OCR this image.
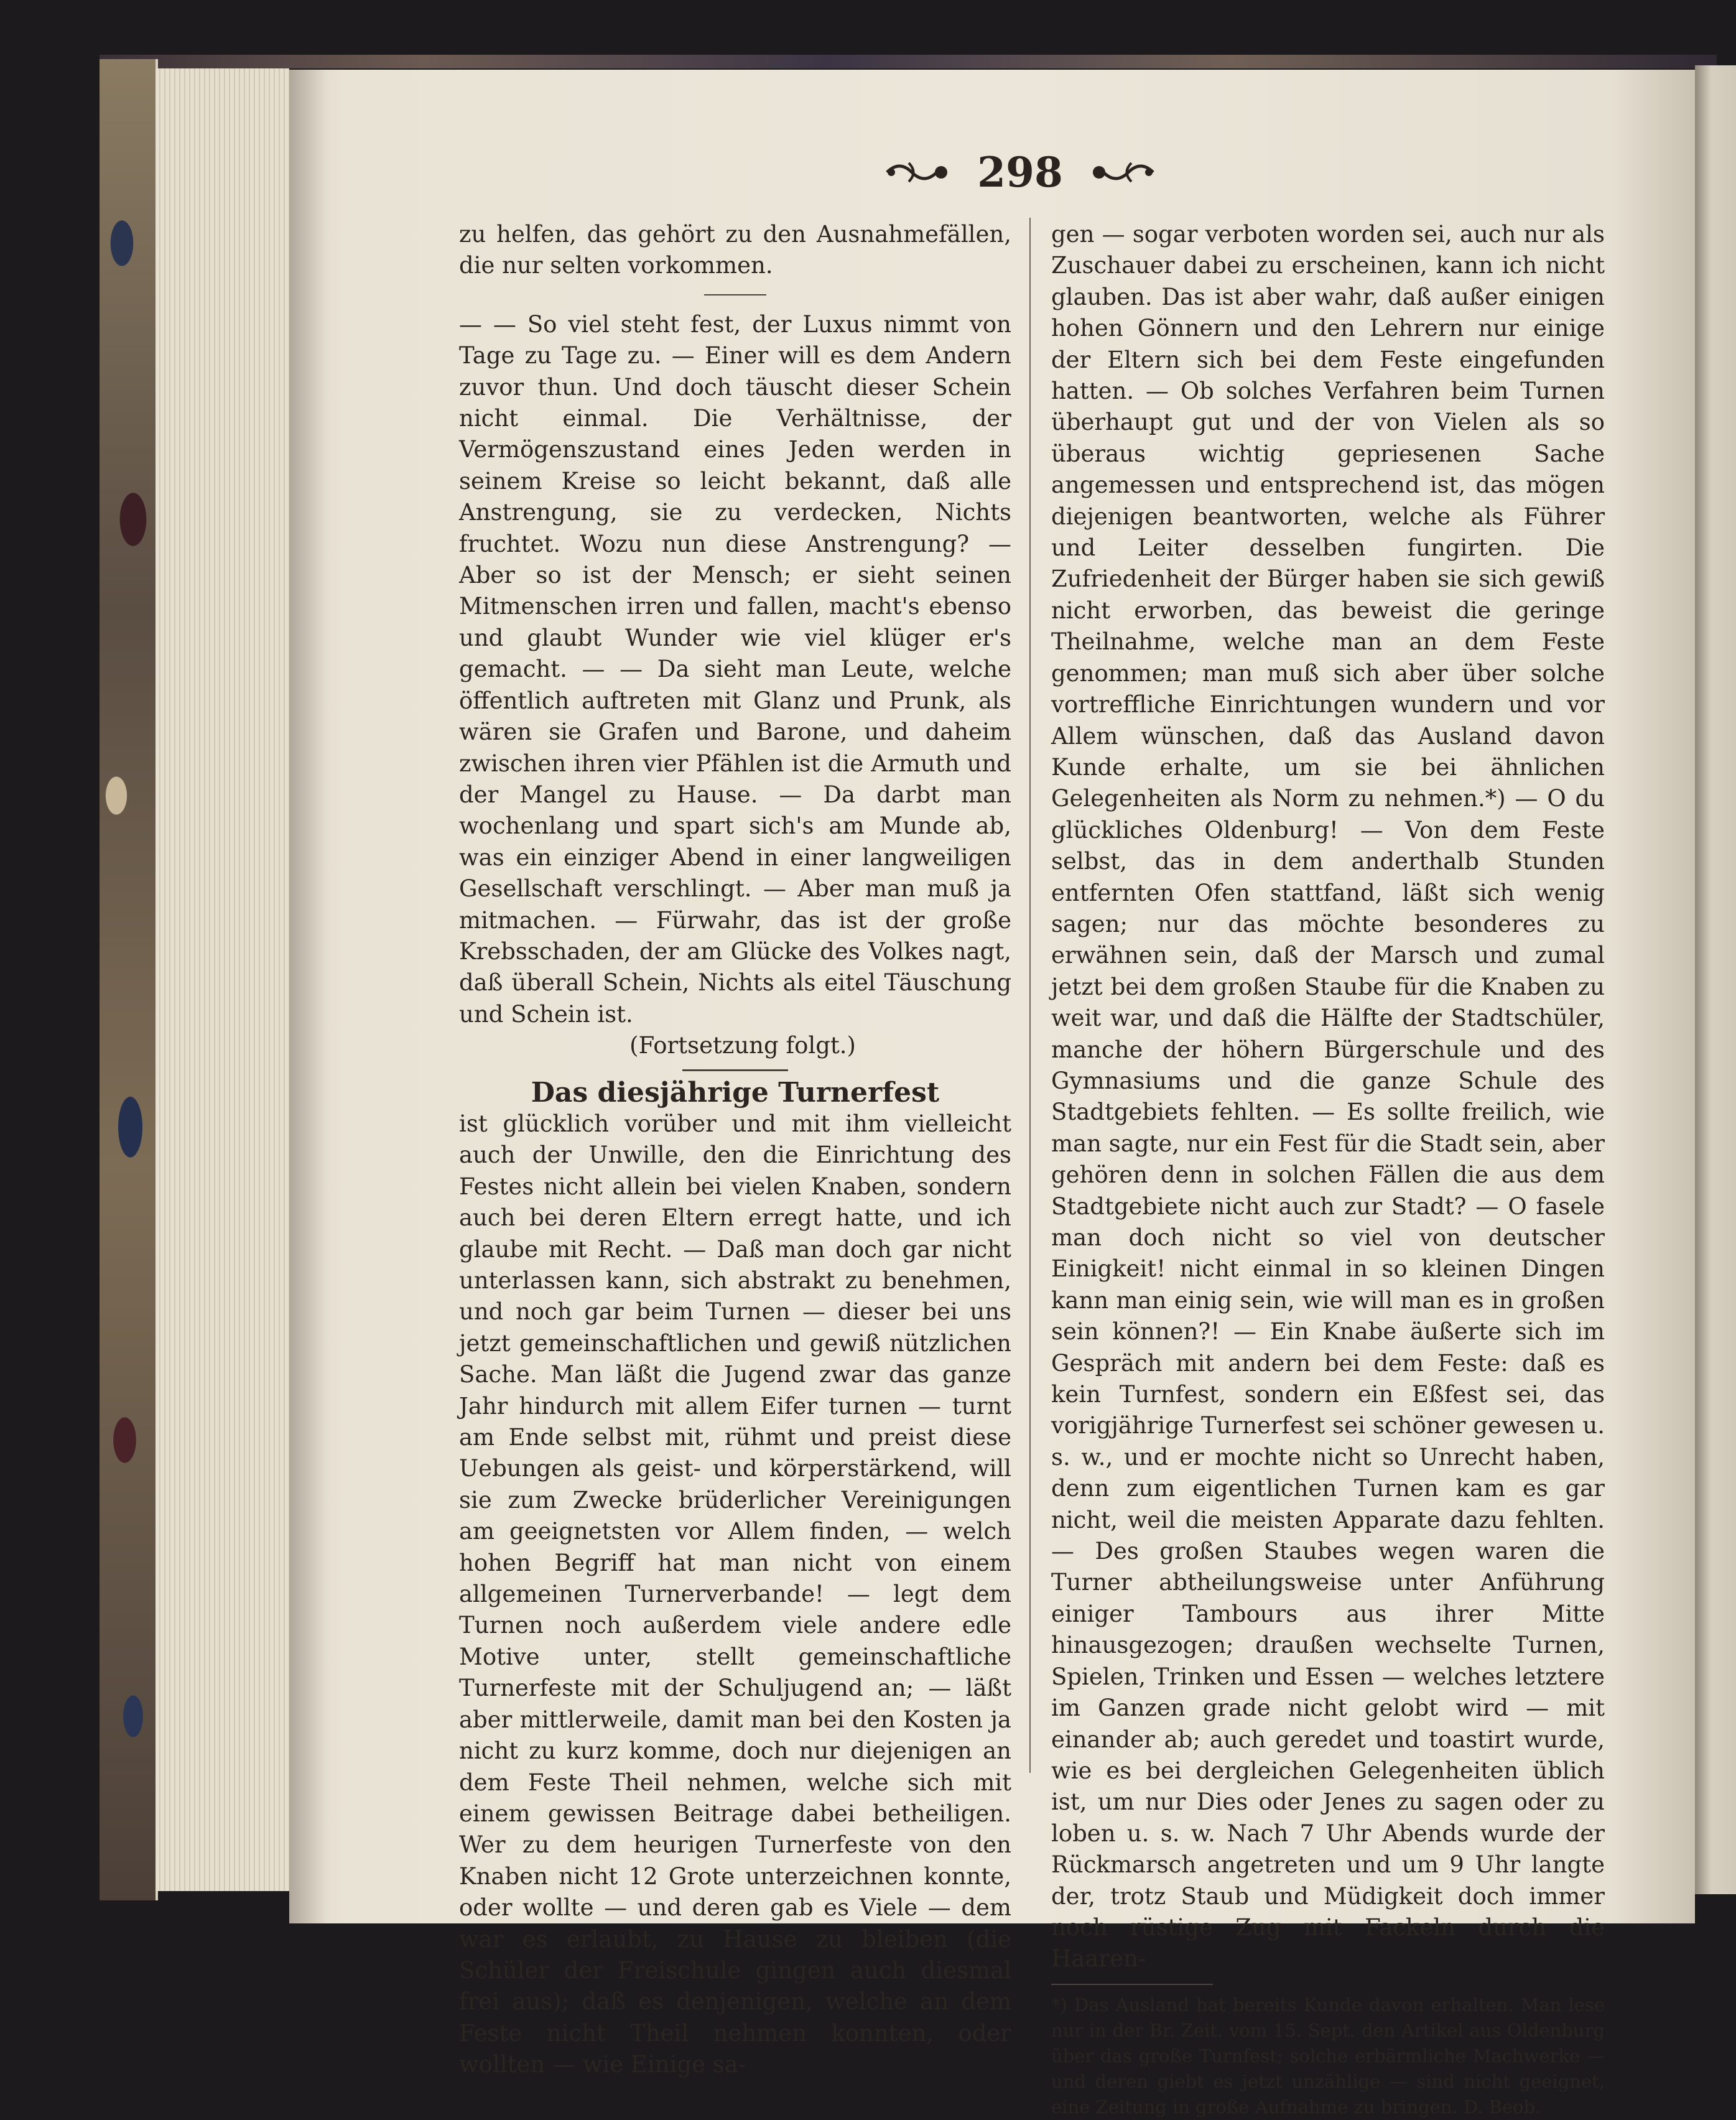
298

zu helfen, das gehört zu den Ausnahmefällen, die nur selten vorkommen.

— — So viel steht fest, der Luxus nimmt von Tage zu Tage zu. — Einer will es dem Andern zuvor thun. Und doch täuscht dieser Schein nicht einmal. Die Verhältnisse, der Vermögenszustand eines Jeden werden in seinem Kreise so leicht bekannt, daß alle Anstrengung, sie zu verdecken, Nichts fruchtet. Wozu nun diese Anstrengung? — Aber so ist der Mensch; er sieht seinen Mitmenschen irren und fallen, macht's ebenso und glaubt Wunder wie viel klüger er's gemacht. — — Da sieht man Leute, welche öffentlich auftreten mit Glanz und Prunk, als wären sie Grafen und Barone, und daheim zwischen ihren vier Pfählen ist die Armuth und der Mangel zu Hause. — Da darbt man wochenlang und spart sich's am Munde ab, was ein einziger Abend in einer langweiligen Gesellschaft verschlingt. — Aber man muß ja mitmachen. — Fürwahr, das ist der große Krebsschaden, der am Glücke des Volkes nagt, daß überall Schein, Nichts als eitel Täuschung und Schein ist.

(Fortsetzung folgt.)

Das diesjährige Turnerfest

ist glücklich vorüber und mit ihm vielleicht auch der Unwille, den die Einrichtung des Festes nicht allein bei vielen Knaben, sondern auch bei deren Eltern erregt hatte, und ich glaube mit Recht. — Daß man doch gar nicht unterlassen kann, sich abstrakt zu benehmen, und noch gar beim Turnen — dieser bei uns jetzt gemeinschaftlichen und gewiß nützlichen Sache. Man läßt die Jugend zwar das ganze Jahr hindurch mit allem Eifer turnen — turnt am Ende selbst mit, rühmt und preist diese Uebungen als geist- und körperstärkend, will sie zum Zwecke brüderlicher Vereinigungen am geeignetsten vor Allem finden, — welch hohen Begriff hat man nicht von einem allgemeinen Turnerverbande! — legt dem Turnen noch außerdem viele andere edle Motive unter, stellt gemeinschaftliche Turnerfeste mit der Schuljugend an; — läßt aber mittlerweile, damit man bei den Kosten ja nicht zu kurz komme, doch nur diejenigen an dem Feste Theil nehmen, welche sich mit einem gewissen Beitrage dabei betheiligen. Wer zu dem heurigen Turnerfeste von den Knaben nicht 12 Grote unterzeichnen konnte, oder wollte — und deren gab es Viele — dem war es erlaubt, zu Hause zu bleiben (die Schüler der Freischule gingen auch diesmal frei aus); daß es denjenigen, welche an dem Feste nicht Theil nehmen konnten, oder wollten — wie Einige sa-

gen — sogar verboten worden sei, auch nur als Zuschauer dabei zu erscheinen, kann ich nicht glauben. Das ist aber wahr, daß außer einigen hohen Gönnern und den Lehrern nur einige der Eltern sich bei dem Feste eingefunden hatten. — Ob solches Verfahren beim Turnen überhaupt gut und der von Vielen als so überaus wichtig gepriesenen Sache angemessen und entsprechend ist, das mögen diejenigen beantworten, welche als Führer und Leiter desselben fungirten. Die Zufriedenheit der Bürger haben sie sich gewiß nicht erworben, das beweist die geringe Theilnahme, welche man an dem Feste genommen; man muß sich aber über solche vortreffliche Einrichtungen wundern und vor Allem wünschen, daß das Ausland davon Kunde erhalte, um sie bei ähnlichen Gelegenheiten als Norm zu nehmen.*) — O du glückliches Oldenburg! — Von dem Feste selbst, das in dem anderthalb Stunden entfernten Ofen stattfand, läßt sich wenig sagen; nur das möchte besonderes zu erwähnen sein, daß der Marsch und zumal jetzt bei dem großen Staube für die Knaben zu weit war, und daß die Hälfte der Stadtschüler, manche der höhern Bürgerschule und des Gymnasiums und die ganze Schule des Stadtgebiets fehlten. — Es sollte freilich, wie man sagte, nur ein Fest für die Stadt sein, aber gehören denn in solchen Fällen die aus dem Stadtgebiete nicht auch zur Stadt? — O fasele man doch nicht so viel von deutscher Einigkeit! nicht einmal in so kleinen Dingen kann man einig sein, wie will man es in großen sein können?! — Ein Knabe äußerte sich im Gespräch mit andern bei dem Feste: daß es kein Turnfest, sondern ein Eßfest sei, das vorigjährige Turnerfest sei schöner gewesen u. s. w., und er mochte nicht so Unrecht haben, denn zum eigentlichen Turnen kam es gar nicht, weil die meisten Apparate dazu fehlten. — Des großen Staubes wegen waren die Turner abtheilungsweise unter Anführung einiger Tambours aus ihrer Mitte hinausgezogen; draußen wechselte Turnen, Spielen, Trinken und Essen — welches letztere im Ganzen grade nicht gelobt wird — mit einander ab; auch geredet und toastirt wurde, wie es bei dergleichen Gelegenheiten üblich ist, um nur Dies oder Jenes zu sagen oder zu loben u. s. w. Nach 7 Uhr Abends wurde der Rückmarsch angetreten und um 9 Uhr langte der, trotz Staub und Müdigkeit doch immer noch rüstige Zug mit Fackeln durch die Haaren-

*) Das Ausland hat bereits Kunde davon erhalten. Man lese nur in der Br. Zeit. vom 15. Sept. den Artikel aus Oldenburg über das große Turnfest; solche erbärmliche Machwerke — und deren giebt es jetzt unzählige — sind nicht geeignet, eine Zeitung in große Aufnahme zu bringen. D. Beob.
